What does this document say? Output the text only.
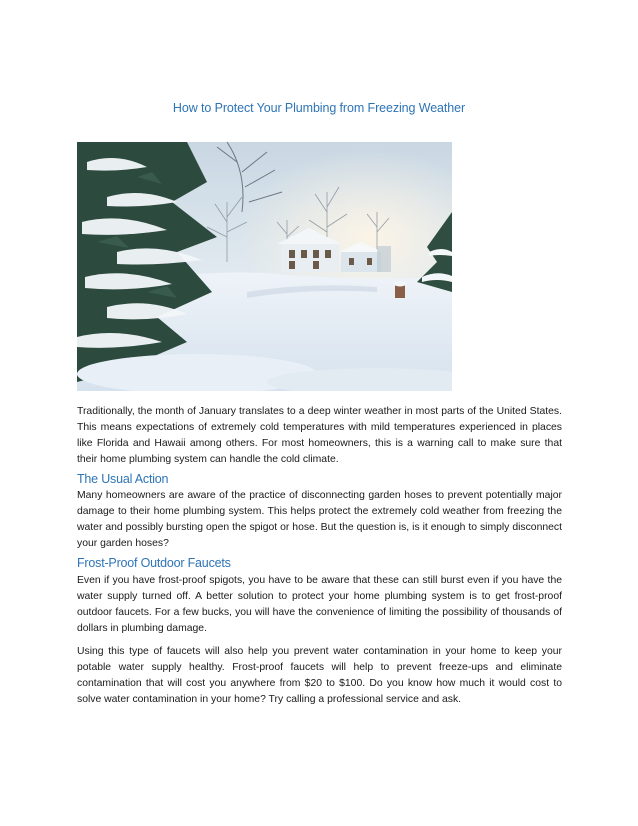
How to Protect Your Plumbing from Freezing Weather

Traditionally, the month of January translates to a deep winter weather in most parts of the United States. This means expectations of extremely cold temperatures with mild temperatures experienced in places like Florida and Hawaii among others. For most homeowners, this is a warning call to make sure that their home plumbing system can handle the cold climate.

The Usual Action

Many homeowners are aware of the practice of disconnecting garden hoses to prevent potentially major damage to their home plumbing system. This helps protect the extremely cold weather from freezing the water and possibly bursting open the spigot or hose. But the question is, is it enough to simply disconnect your garden hoses?

Frost-Proof Outdoor Faucets

Even if you have frost-proof spigots, you have to be aware that these can still burst even if you have the water supply turned off. A better solution to protect your home plumbing system is to get frost-proof outdoor faucets. For a few bucks, you will have the convenience of limiting the possibility of thousands of dollars in plumbing damage.

Using this type of faucets will also help you prevent water contamination in your home to keep your potable water supply healthy. Frost-proof faucets will help to prevent freeze-ups and eliminate contamination that will cost you anywhere from $20 to $100. Do you know how much it would cost to solve water contamination in your home? Try calling a professional service and ask.
